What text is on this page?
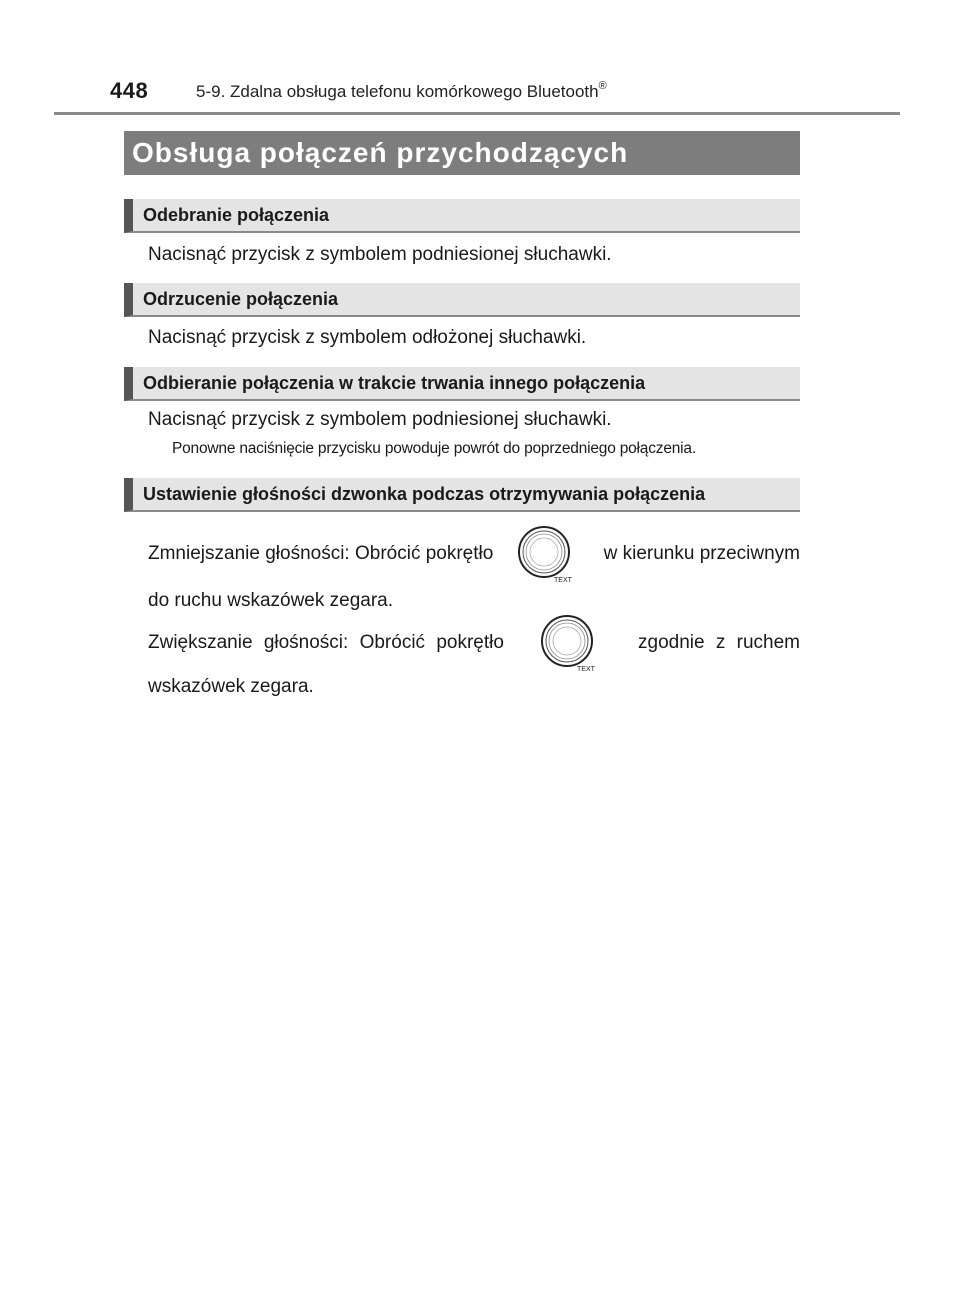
448	5-9. Zdalna obsługa telefonu komórkowego Bluetooth®
Obsługa połączeń przychodzących
Odebranie połączenia
Nacisnąć przycisk z symbolem podniesionej słuchawki.
Odrzucenie połączenia
Nacisnąć przycisk z symbolem odłożonej słuchawki.
Odbieranie połączenia w trakcie trwania innego połączenia
Nacisnąć przycisk z symbolem podniesionej słuchawki.
Ponowne naciśnięcie przycisku powoduje powrót do poprzedniego połączenia.
Ustawienie głośności dzwonka podczas otrzymywania połączenia
Zmniejszanie głośności: Obrócić pokrętło
TEXT
w kierunku przeciwnym
do ruchu wskazówek zegara.
Zwiększanie głośności: Obrócić pokrętło
TEXT
zgodnie z ruchem
wskazówek zegara.
